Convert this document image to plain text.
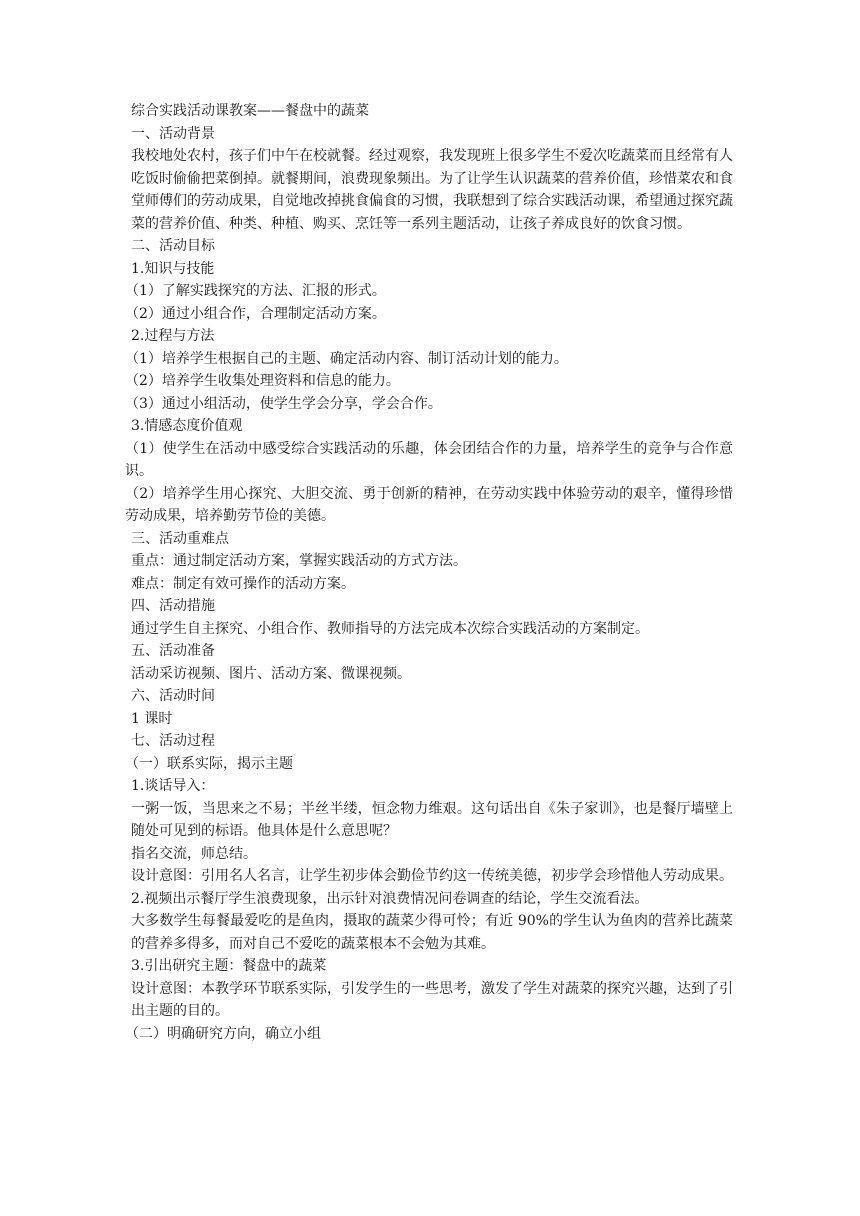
综合实践活动课教案——餐盘中的蔬菜

一、活动背景

我校地处农村，孩子们中午在校就餐。经过观察，我发现班上很多学生不爱次吃蔬菜而且经常有人吃饭时偷偷把菜倒掉。就餐期间，浪费现象频出。为了让学生认识蔬菜的营养价值，珍惜菜农和食堂师傅们的劳动成果，自觉地改掉挑食偏食的习惯，我联想到了综合实践活动课，希望通过探究蔬菜的营养价值、种类、种植、购买、烹饪等一系列主题活动，让孩子养成良好的饮食习惯。

二、活动目标

1.知识与技能

（1）了解实践探究的方法、汇报的形式。

（2）通过小组合作，合理制定活动方案。

2.过程与方法

（1）培养学生根据自己的主题、确定活动内容、制订活动计划的能力。

（2）培养学生收集处理资料和信息的能力。

（3）通过小组活动，使学生学会分享，学会合作。

3.情感态度价值观

（1）使学生在活动中感受综合实践活动的乐趣，体会团结合作的力量，培养学生的竞争与合作意识。

（2）培养学生用心探究、大胆交流、勇于创新的精神，在劳动实践中体验劳动的艰辛，懂得珍惜劳动成果，培养勤劳节俭的美德。

三、活动重难点

重点：通过制定活动方案，掌握实践活动的方式方法。

难点：制定有效可操作的活动方案。

四、活动措施

通过学生自主探究、小组合作、教师指导的方法完成本次综合实践活动的方案制定。

五、活动准备

活动采访视频、图片、活动方案、微课视频。

六、活动时间

1 课时

七、活动过程

（一）联系实际，揭示主题

1.谈话导入：

一粥一饭，当思来之不易；半丝半缕，恒念物力维艰。这句话出自《朱子家训》，也是餐厅墙壁上随处可见到的标语。他具体是什么意思呢？

指名交流，师总结。

设计意图：引用名人名言，让学生初步体会勤俭节约这一传统美德，初步学会珍惜他人劳动成果。

2.视频出示餐厅学生浪费现象，出示针对浪费情况问卷调查的结论，学生交流看法。

大多数学生每餐最爱吃的是鱼肉，摄取的蔬菜少得可怜；有近 90%的学生认为鱼肉的营养比蔬菜的营养多得多，而对自己不爱吃的蔬菜根本不会勉为其难。

3.引出研究主题：餐盘中的蔬菜

设计意图：本教学环节联系实际，引发学生的一些思考，激发了学生对蔬菜的探究兴趣，达到了引出主题的目的。

（二）明确研究方向，确立小组
